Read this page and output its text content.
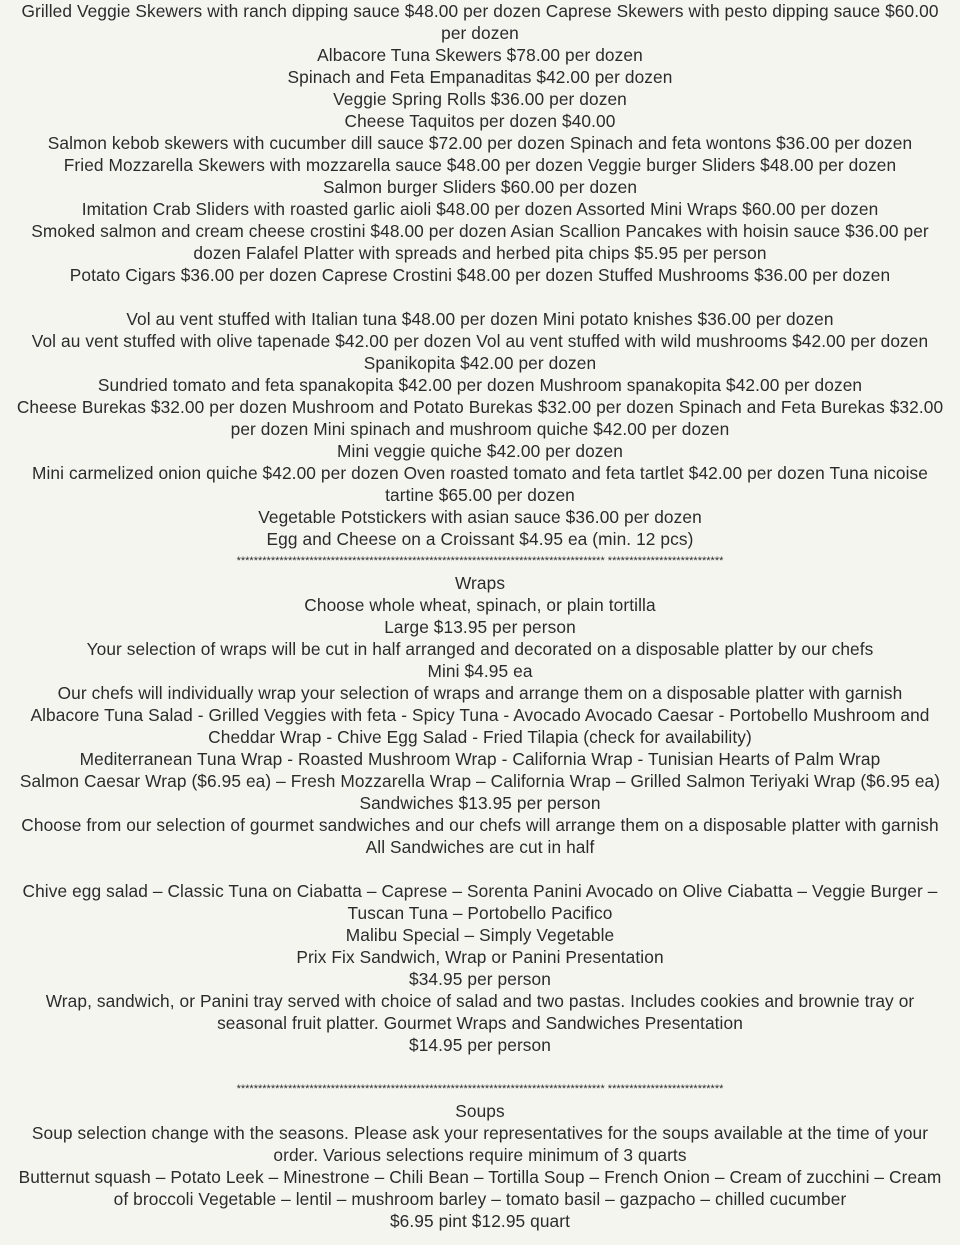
Grilled Veggie Skewers with ranch dipping sauce $48.00 per dozen Caprese Skewers with pesto dipping sauce $60.00 per dozen
Albacore Tuna Skewers $78.00 per dozen
Spinach and Feta Empanaditas $42.00 per dozen
Veggie Spring Rolls $36.00 per dozen
Cheese Taquitos per dozen $40.00
Salmon kebob skewers with cucumber dill sauce $72.00 per dozen Spinach and feta wontons $36.00 per dozen
Fried Mozzarella Skewers with mozzarella sauce $48.00 per dozen Veggie burger Sliders $48.00 per dozen
Salmon burger Sliders $60.00 per dozen
Imitation Crab Sliders with roasted garlic aioli $48.00 per dozen Assorted Mini Wraps $60.00 per dozen
Smoked salmon and cream cheese crostini $48.00 per dozen Asian Scallion Pancakes with hoisin sauce $36.00 per dozen Falafel Platter with spreads and herbed pita chips $5.95 per person
Potato Cigars $36.00 per dozen Caprese Crostini $48.00 per dozen Stuffed Mushrooms $36.00 per dozen
Vol au vent stuffed with Italian tuna $48.00 per dozen Mini potato knishes $36.00 per dozen
Vol au vent stuffed with olive tapenade $42.00 per dozen Vol au vent stuffed with wild mushrooms $42.00 per dozen Spanikopita $42.00 per dozen
Sundried tomato and feta spanakopita $42.00 per dozen Mushroom spanakopita $42.00 per dozen
Cheese Burekas $32.00 per dozen Mushroom and Potato Burekas $32.00 per dozen Spinach and Feta Burekas $32.00 per dozen Mini spinach and mushroom quiche $42.00 per dozen
Mini veggie quiche $42.00 per dozen
Mini carmelized onion quiche $42.00 per dozen Oven roasted tomato and feta tartlet $42.00 per dozen Tuna nicoise tartine $65.00 per dozen
Vegetable Potstickers with asian sauce $36.00 per dozen
Egg and Cheese on a Croissant $4.95 ea (min. 12 pcs)
************************************************************************************** ***************************
Wraps
Choose whole wheat, spinach, or plain tortilla
Large $13.95 per person
Your selection of wraps will be cut in half arranged and decorated on a disposable platter by our chefs
Mini $4.95 ea
Our chefs will individually wrap your selection of wraps and arrange them on a disposable platter with garnish
Albacore Tuna Salad - Grilled Veggies with feta - Spicy Tuna - Avocado Avocado Caesar - Portobello Mushroom and Cheddar Wrap - Chive Egg Salad - Fried Tilapia (check for availability)
Mediterranean Tuna Wrap - Roasted Mushroom Wrap - California Wrap - Tunisian Hearts of Palm Wrap
Salmon Caesar Wrap ($6.95 ea) – Fresh Mozzarella Wrap – California Wrap – Grilled Salmon Teriyaki Wrap ($6.95 ea)
Sandwiches $13.95 per person
Choose from our selection of gourmet sandwiches and our chefs will arrange them on a disposable platter with garnish
All Sandwiches are cut in half
Chive egg salad – Classic Tuna on Ciabatta – Caprese – Sorenta Panini Avocado on Olive Ciabatta – Veggie Burger – Tuscan Tuna – Portobello Pacifico
Malibu Special – Simply Vegetable
Prix Fix Sandwich, Wrap or Panini Presentation
$34.95 per person
Wrap, sandwich, or Panini tray served with choice of salad and two pastas. Includes cookies and brownie tray or seasonal fruit platter. Gourmet Wraps and Sandwiches Presentation
$14.95 per person
************************************************************************************** ***************************
Soups
Soup selection change with the seasons. Please ask your representatives for the soups available at the time of your order. Various selections require minimum of 3 quarts
Butternut squash – Potato Leek – Minestrone – Chili Bean – Tortilla Soup – French Onion – Cream of zucchini – Cream of broccoli Vegetable – lentil – mushroom barley – tomato basil – gazpacho – chilled cucumber
$6.95 pint $12.95 quart
